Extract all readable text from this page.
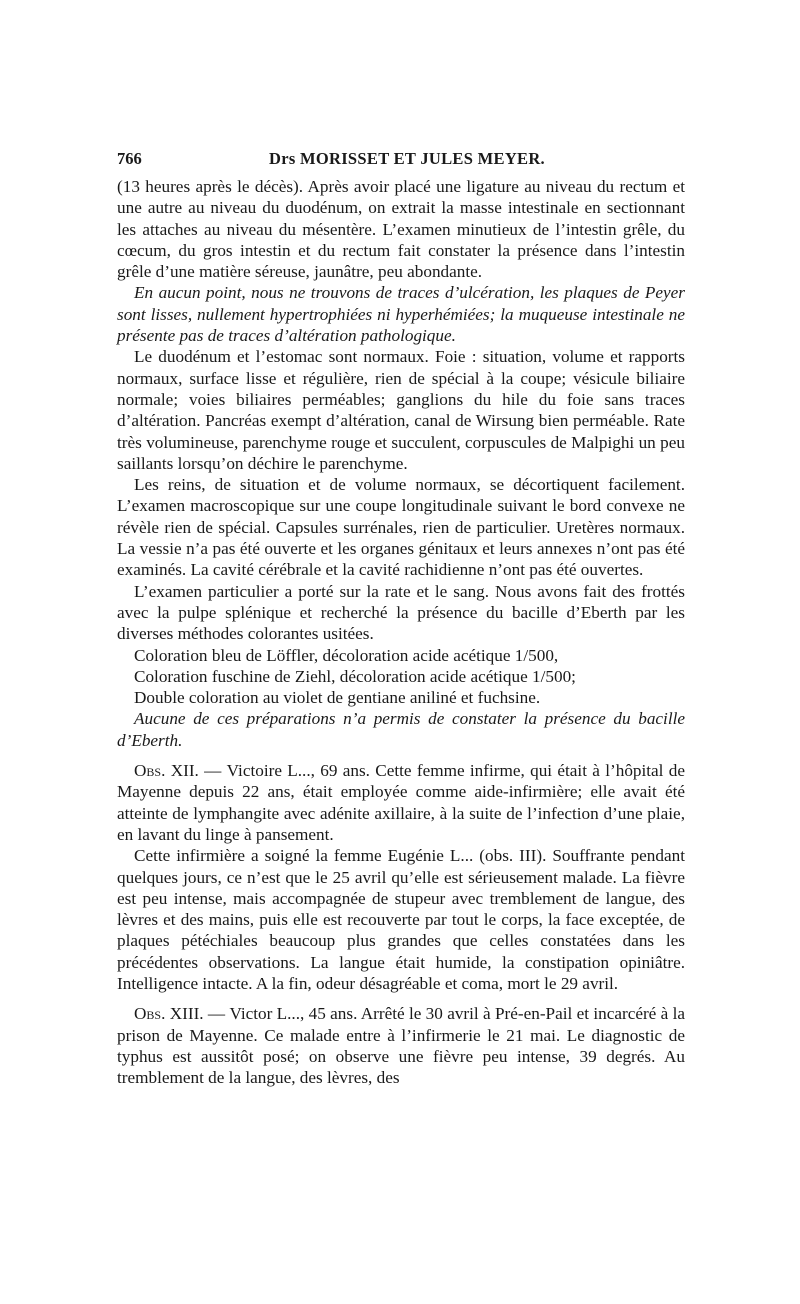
766	Drs MORISSET ET JULES MEYER.

(13 heures après le décès). Après avoir placé une ligature au niveau du rectum et une autre au niveau du duodénum, on extrait la masse intestinale en sectionnant les attaches au niveau du mésentère. L’examen minutieux de l’intestin grêle, du cœcum, du gros intestin et du rectum fait constater la présence dans l’intestin grêle d’une matière séreuse, jaunâtre, peu abondante.

En aucun point, nous ne trouvons de traces d’ulcération, les plaques de Peyer sont lisses, nullement hypertrophiées ni hyperhémiées; la muqueuse intestinale ne présente pas de traces d’altération pathologique.

Le duodénum et l’estomac sont normaux. Foie : situation, volume et rapports normaux, surface lisse et régulière, rien de spécial à la coupe; vésicule biliaire normale; voies biliaires perméables; ganglions du hile du foie sans traces d’altération. Pancréas exempt d’altération, canal de Wirsung bien perméable. Rate très volumineuse, parenchyme rouge et succulent, corpuscules de Malpighi un peu saillants lorsqu’on déchire le parenchyme.

Les reins, de situation et de volume normaux, se décortiquent facilement. L’examen macroscopique sur une coupe longitudinale suivant le bord convexe ne révèle rien de spécial. Capsules surrénales, rien de particulier. Uretères normaux. La vessie n’a pas été ouverte et les organes génitaux et leurs annexes n’ont pas été examinés. La cavité cérébrale et la cavité rachidienne n’ont pas été ouvertes.

L’examen particulier a porté sur la rate et le sang. Nous avons fait des frottés avec la pulpe splénique et recherché la présence du bacille d’Eberth par les diverses méthodes colorantes usitées.

Coloration bleu de Löffler, décoloration acide acétique 1/500,

Coloration fuschine de Ziehl, décoloration acide acétique 1/500;

Double coloration au violet de gentiane aniliné et fuchsine.

Aucune de ces préparations n’a permis de constater la présence du bacille d’Eberth.

Obs. XII. — Victoire L..., 69 ans. Cette femme infirme, qui était à l’hôpital de Mayenne depuis 22 ans, était employée comme aide-infirmière; elle avait été atteinte de lymphangite avec adénite axillaire, à la suite de l’infection d’une plaie, en lavant du linge à pansement.

Cette infirmière a soigné la femme Eugénie L... (obs. III). Souffrante pendant quelques jours, ce n’est que le 25 avril qu’elle est sérieusement malade. La fièvre est peu intense, mais accompagnée de stupeur avec tremblement de langue, des lèvres et des mains, puis elle est recouverte par tout le corps, la face exceptée, de plaques pétéchiales beaucoup plus grandes que celles constatées dans les précédentes observations. La langue était humide, la constipation opiniâtre. Intelligence intacte. A la fin, odeur désagréable et coma, mort le 29 avril.

Obs. XIII. — Victor L..., 45 ans. Arrêté le 30 avril à Pré-en-Pail et incarcéré à la prison de Mayenne. Ce malade entre à l’infirmerie le 21 mai. Le diagnostic de typhus est aussitôt posé; on observe une fièvre peu intense, 39 degrés. Au tremblement de la langue, des lèvres, des
